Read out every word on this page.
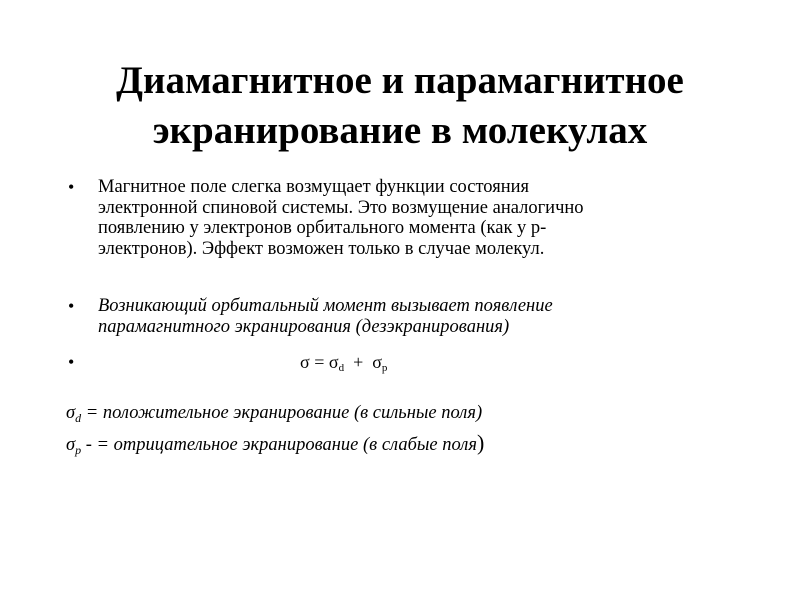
Диамагнитное и парамагнитное
экранирование в молекулах
• Магнитное поле слегка возмущает функции состояния
электронной спиновой системы. Это возмущение аналогично
появлению у электронов орбитального момента (как у p-
электронов). Эффект возможен только в случае молекул.
• Возникающий орбитальный момент вызывает появление
парамагнитного экранирования (дезэкранирования)
•	$\sigma = \sigma_d + \sigma_p$
$\sigma_d$ = положительное экранирование (в сильные поля)
$\sigma_p$ - = отрицательное экранирование (в слабые поля)
